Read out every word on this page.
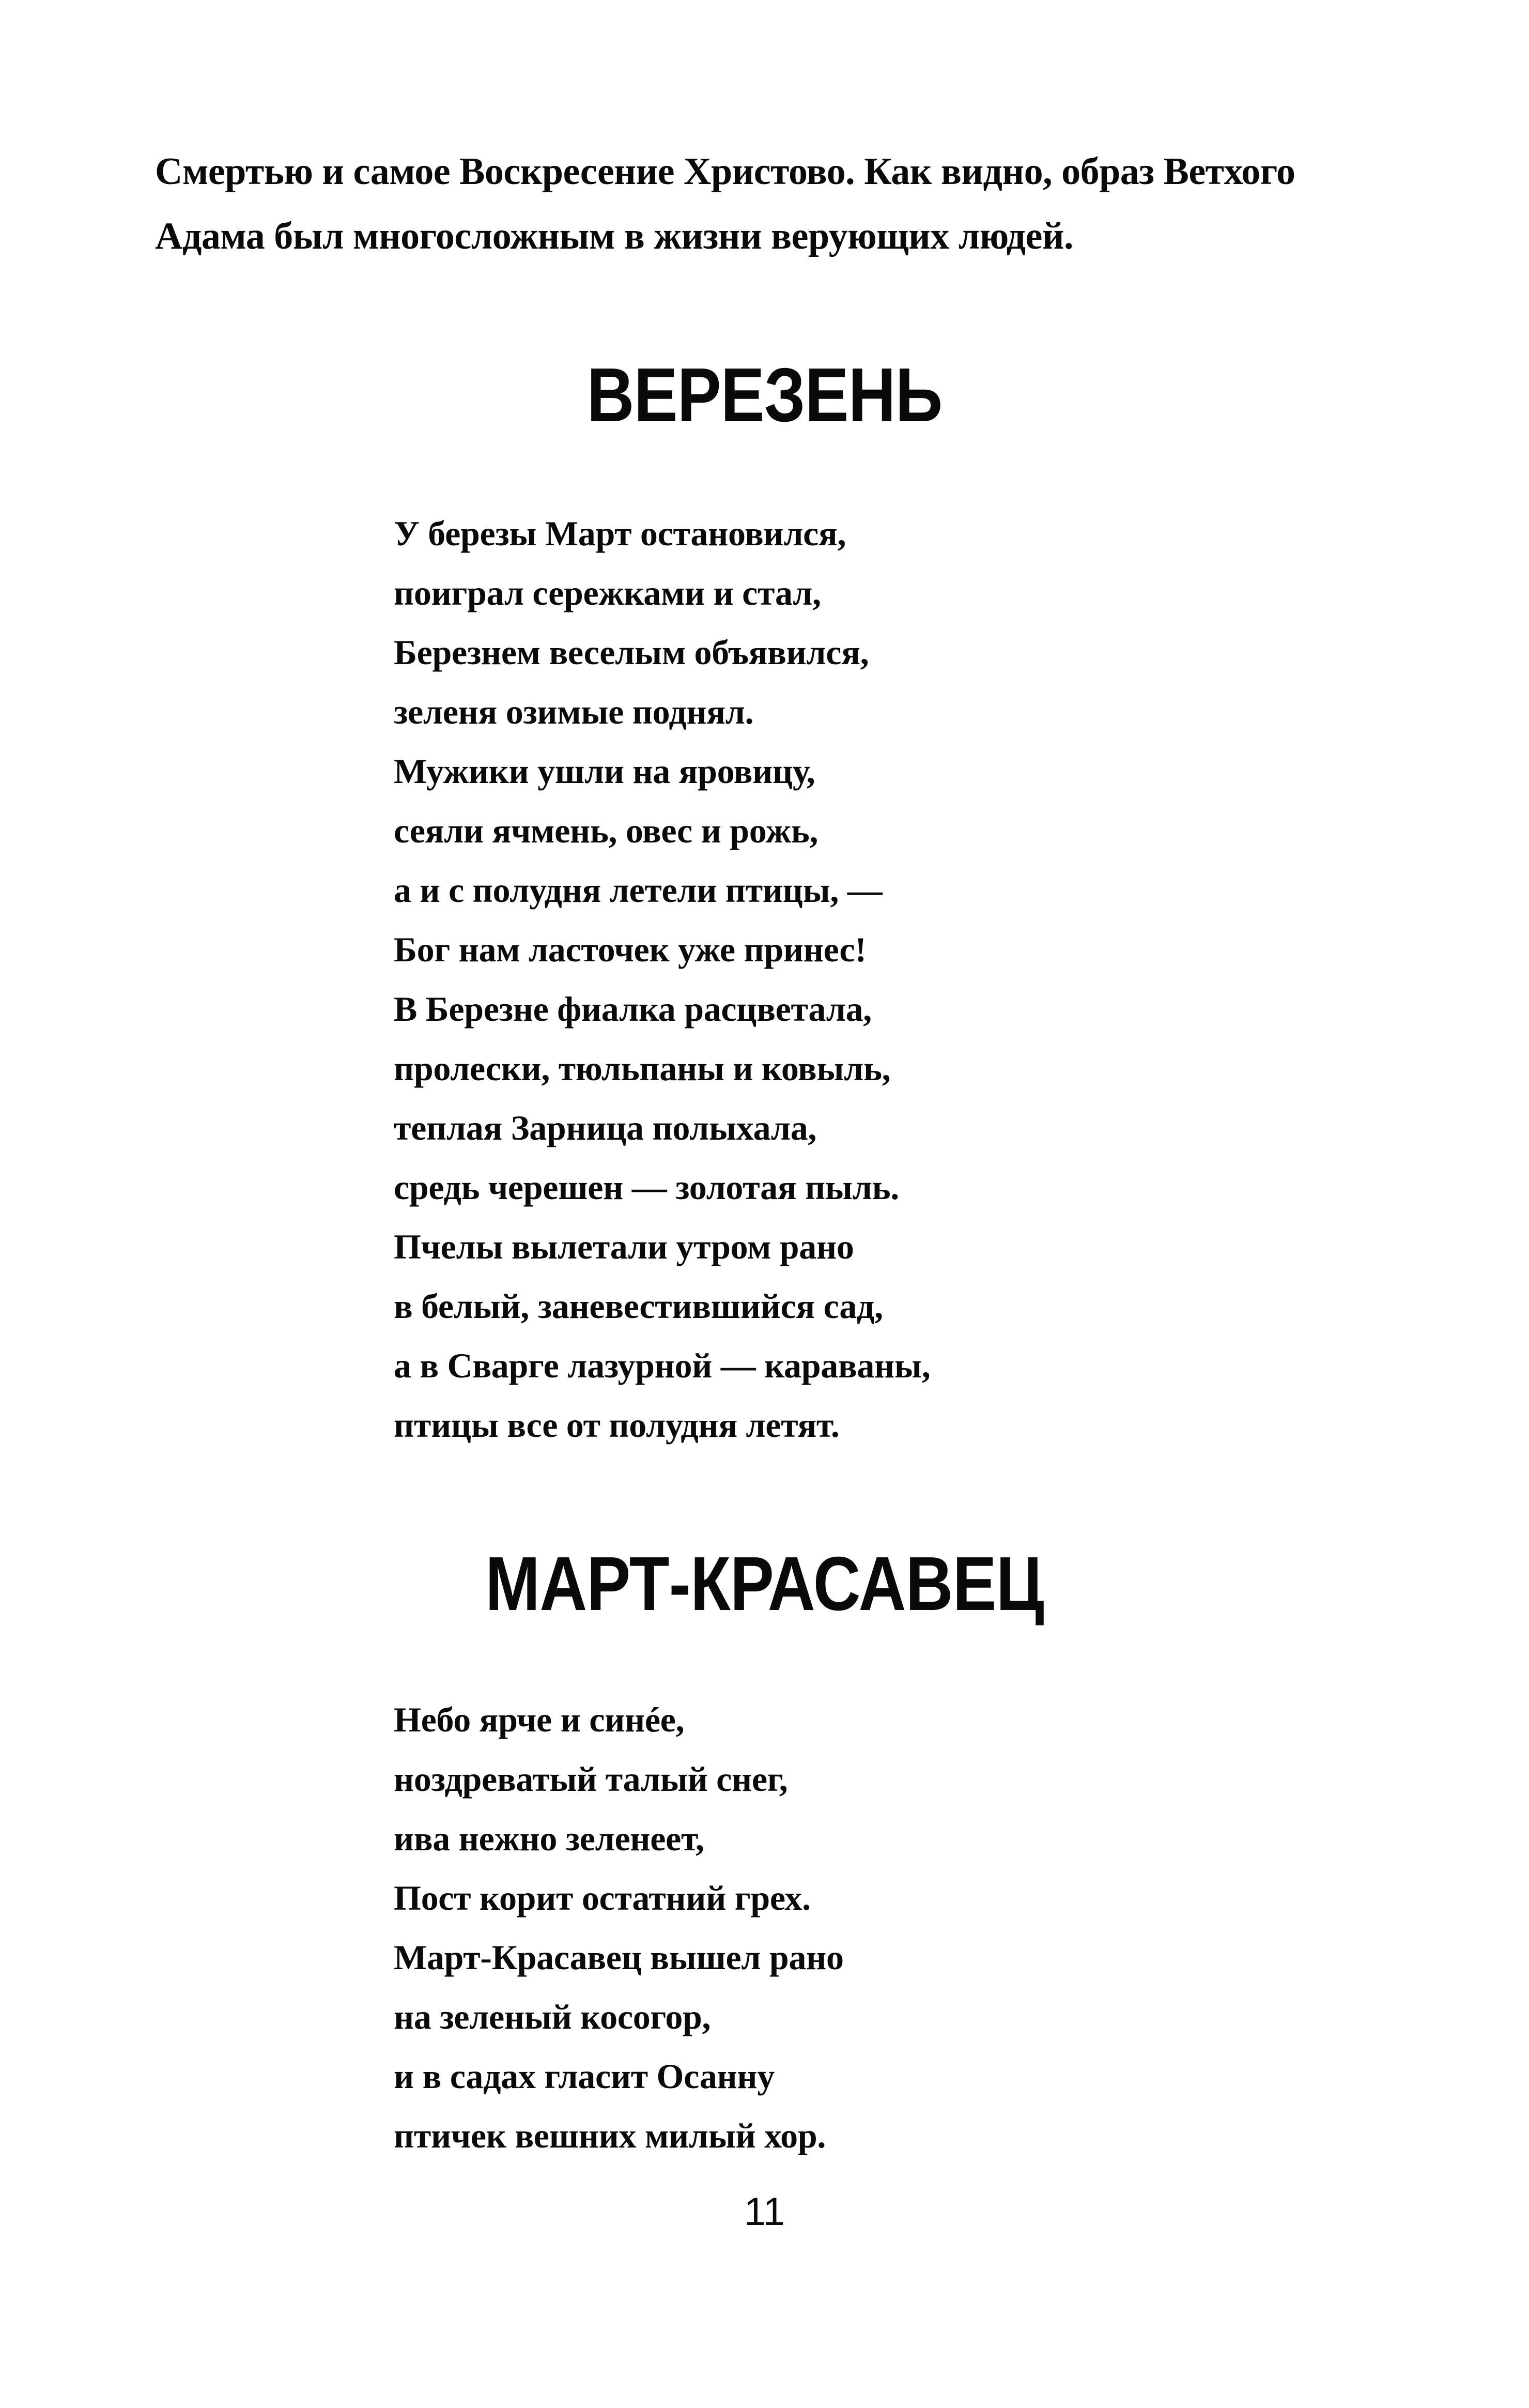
Смертью и самое Воскресение Христово. Как видно, образ Ветхого
Адама был многосложным в жизни верующих людей.
ВЕРЕЗЕНЬ
У березы Март остановился,
поиграл сережками и стал,
Березнем веселым объявился,
зеленя озимые поднял.
Мужики ушли на яровицу,
сеяли ячмень, овес и рожь,
а и с полудня летели птицы, —
Бог нам ласточек уже принес!
В Березне фиалка расцветала,
пролески, тюльпаны и ковыль,
теплая Зарница полыхала,
средь черешен — золотая пыль.
Пчелы вылетали утром рано
в белый, заневестившийся сад,
а в Сварге лазурной — караваны,
птицы все от полудня летят.
МАРТ-КРАСАВЕЦ
Небо ярче и синée,
ноздреватый талый снег,
ива нежно зеленеет,
Пост корит остатний грех.
Март-Красавец вышел рано
на зеленый косогор,
и в садах гласит Осанну
птичек вешних милый хор.
11
